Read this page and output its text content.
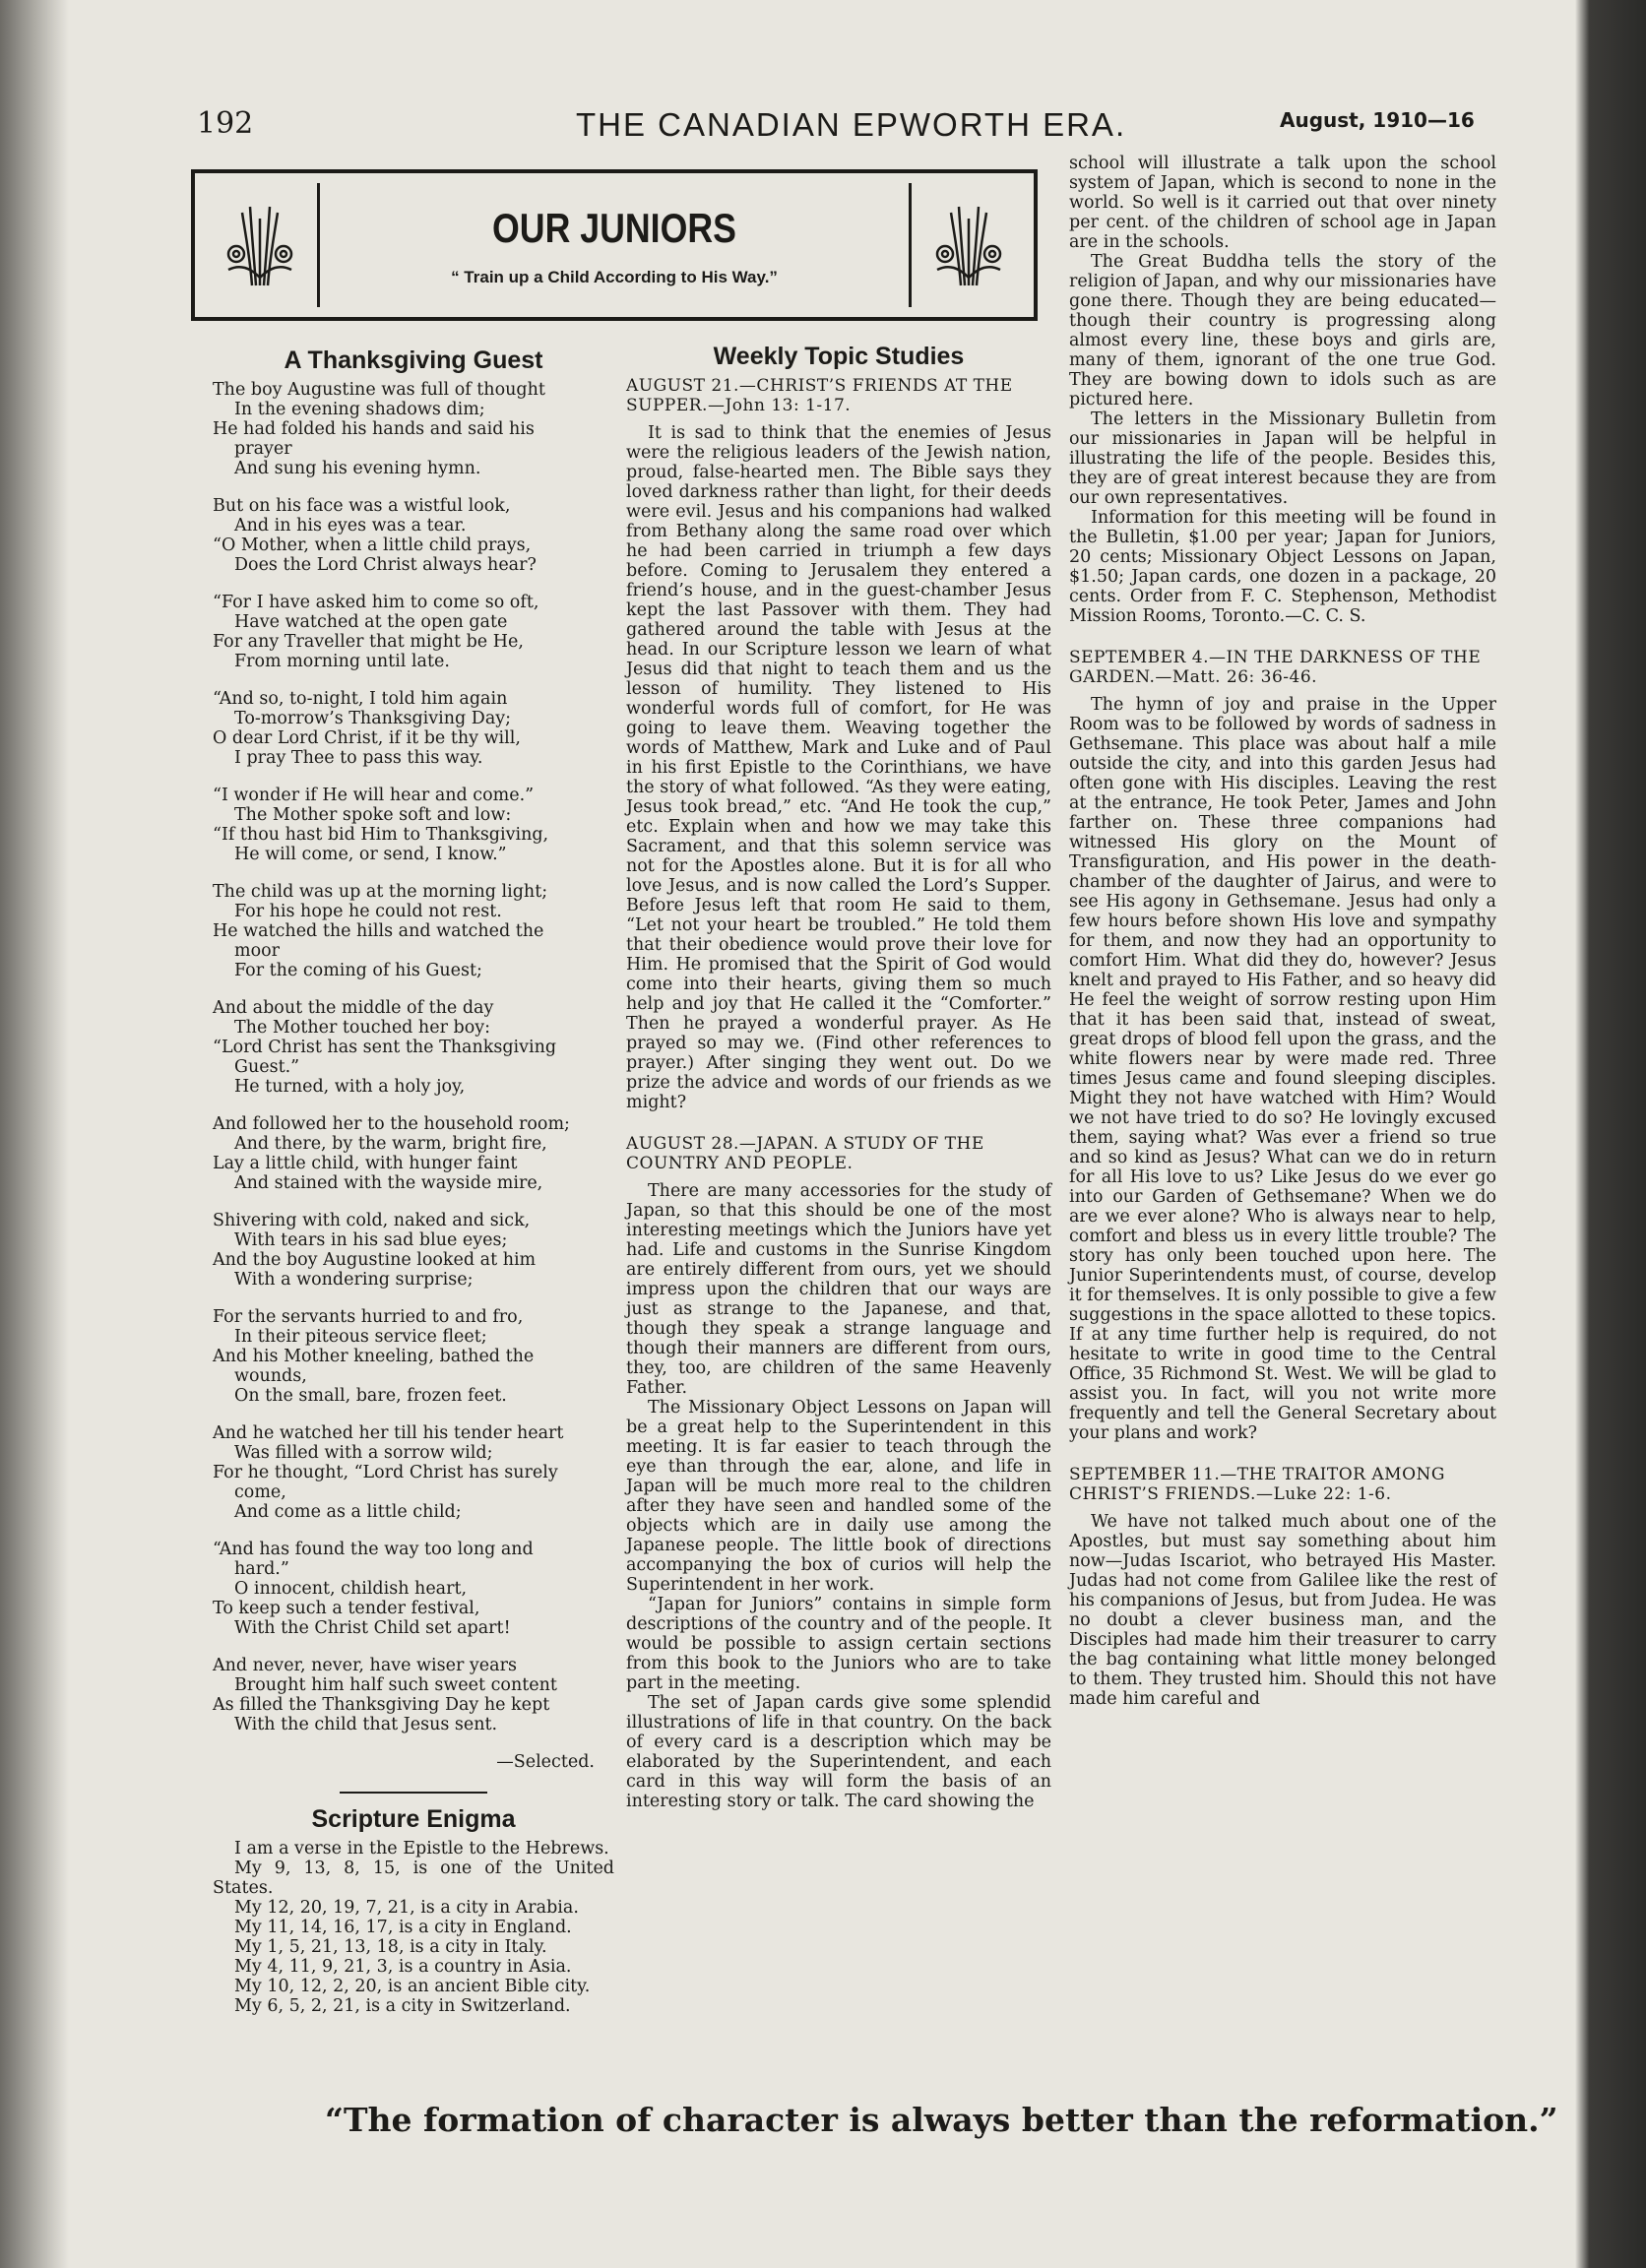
192	THE CANADIAN EPWORTH ERA.	August, 1910—16
OUR JUNIORS
“ Train up a Child According to His Way.”
A Thanksgiving Guest
The boy Augustine was full of thought
In the evening shadows dim;
He had folded his hands and said his
prayer
And sung his evening hymn.
But on his face was a wistful look,
And in his eyes was a tear.
“O Mother, when a little child prays,
Does the Lord Christ always hear?
“For I have asked him to come so oft,
Have watched at the open gate
For any Traveller that might be He,
From morning until late.
“And so, to-night, I told him again
To-morrow’s Thanksgiving Day;
O dear Lord Christ, if it be thy will,
I pray Thee to pass this way.
“I wonder if He will hear and come.”
The Mother spoke soft and low:
“If thou hast bid Him to Thanksgiving,
He will come, or send, I know.”
The child was up at the morning light;
For his hope he could not rest.
He watched the hills and watched the
moor
For the coming of his Guest;
And about the middle of the day
The Mother touched her boy:
“Lord Christ has sent the Thanksgiving
Guest.”
He turned, with a holy joy,
And followed her to the household room;
And there, by the warm, bright fire,
Lay a little child, with hunger faint
And stained with the wayside mire,
Shivering with cold, naked and sick,
With tears in his sad blue eyes;
And the boy Augustine looked at him
With a wondering surprise;
For the servants hurried to and fro,
In their piteous service fleet;
And his Mother kneeling, bathed the
wounds,
On the small, bare, frozen feet.
And he watched her till his tender heart
Was filled with a sorrow wild;
For he thought, “Lord Christ has surely
come,
And come as a little child;
“And has found the way too long and
hard.”
O innocent, childish heart,
To keep such a tender festival,
With the Christ Child set apart!
And never, never, have wiser years
Brought him half such sweet content
As filled the Thanksgiving Day he kept
With the child that Jesus sent.
—Selected.
Scripture Enigma

I am a verse in the Epistle to the Hebrews.

My 9, 13, 8, 15, is one of the United States.

My 12, 20, 19, 7, 21, is a city in Arabia.

My 11, 14, 16, 17, is a city in England.

My 1, 5, 21, 13, 18, is a city in Italy.

My 4, 11, 9, 21, 3, is a country in Asia.

My 10, 12, 2, 20, is an ancient Bible city.

My 6, 5, 2, 21, is a city in Switzerland.

Weekly Topic Studies
AUGUST 21.—CHRIST’S FRIENDS AT THE SUPPER.—John 13: 1-17.

It is sad to think that the enemies of Jesus were the religious leaders of the Jewish nation, proud, false-hearted men. The Bible says they loved darkness rather than light, for their deeds were evil. Jesus and his companions had walked from Bethany along the same road over which he had been carried in triumph a few days before. Coming to Jerusalem they entered a friend’s house, and in the guest-chamber Jesus kept the last Passover with them. They had gathered around the table with Jesus at the head. In our Scripture lesson we learn of what Jesus did that night to teach them and us the lesson of humility. They listened to His wonderful words full of comfort, for He was going to leave them. Weaving together the words of Matthew, Mark and Luke and of Paul in his first Epistle to the Corinthians, we have the story of what followed. “As they were eating, Jesus took bread,” etc. “And He took the cup,” etc. Explain when and how we may take this Sacrament, and that this solemn service was not for the Apostles alone. But it is for all who love Jesus, and is now called the Lord’s Supper. Before Jesus left that room He said to them, “Let not your heart be troubled.” He told them that their obedience would prove their love for Him. He promised that the Spirit of God would come into their hearts, giving them so much help and joy that He called it the “Comforter.” Then he prayed a wonderful prayer. As He prayed so may we. (Find other references to prayer.) After singing they went out. Do we prize the advice and words of our friends as we might?

AUGUST 28.—JAPAN. A STUDY OF THE COUNTRY AND PEOPLE.

There are many accessories for the study of Japan, so that this should be one of the most interesting meetings which the Juniors have yet had. Life and customs in the Sunrise Kingdom are entirely different from ours, yet we should impress upon the children that our ways are just as strange to the Japanese, and that, though they speak a strange language and though their manners are different from ours, they, too, are children of the same Heavenly Father.

The Missionary Object Lessons on Japan will be a great help to the Superintendent in this meeting. It is far easier to teach through the eye than through the ear, alone, and life in Japan will be much more real to the children after they have seen and handled some of the objects which are in daily use among the Japanese people. The little book of directions accompanying the box of curios will help the Superintendent in her work.

“Japan for Juniors” contains in simple form descriptions of the country and of the people. It would be possible to assign certain sections from this book to the Juniors who are to take part in the meeting.

The set of Japan cards give some splendid illustrations of life in that country. On the back of every card is a description which may be elaborated by the Superintendent, and each card in this way will form the basis of an interesting story or talk. The card showing the

school will illustrate a talk upon the school system of Japan, which is second to none in the world. So well is it carried out that over ninety per cent. of the children of school age in Japan are in the schools.

The Great Buddha tells the story of the religion of Japan, and why our missionaries have gone there. Though they are being educated—though their country is progressing along almost every line, these boys and girls are, many of them, ignorant of the one true God. They are bowing down to idols such as are pictured here.

The letters in the Missionary Bulletin from our missionaries in Japan will be helpful in illustrating the life of the people. Besides this, they are of great interest because they are from our own representatives.

Information for this meeting will be found in the Bulletin, $1.00 per year; Japan for Juniors, 20 cents; Missionary Object Lessons on Japan, $1.50; Japan cards, one dozen in a package, 20 cents. Order from F. C. Stephenson, Methodist Mission Rooms, Toronto.—C. C. S.

SEPTEMBER 4.—IN THE DARKNESS OF THE GARDEN.—Matt. 26: 36-46.

The hymn of joy and praise in the Upper Room was to be followed by words of sadness in Gethsemane. This place was about half a mile outside the city, and into this garden Jesus had often gone with His disciples. Leaving the rest at the entrance, He took Peter, James and John farther on. These three companions had witnessed His glory on the Mount of Transfiguration, and His power in the death-chamber of the daughter of Jairus, and were to see His agony in Gethsemane. Jesus had only a few hours before shown His love and sympathy for them, and now they had an opportunity to comfort Him. What did they do, however? Jesus knelt and prayed to His Father, and so heavy did He feel the weight of sorrow resting upon Him that it has been said that, instead of sweat, great drops of blood fell upon the grass, and the white flowers near by were made red. Three times Jesus came and found sleeping disciples. Might they not have watched with Him? Would we not have tried to do so? He lovingly excused them, saying what? Was ever a friend so true and so kind as Jesus? What can we do in return for all His love to us? Like Jesus do we ever go into our Garden of Gethsemane? When we do are we ever alone? Who is always near to help, comfort and bless us in every little trouble? The story has only been touched upon here. The Junior Superintendents must, of course, develop it for themselves. It is only possible to give a few suggestions in the space allotted to these topics. If at any time further help is required, do not hesitate to write in good time to the Central Office, 35 Richmond St. West. We will be glad to assist you. In fact, will you not write more frequently and tell the General Secretary about your plans and work?

SEPTEMBER 11.—THE TRAITOR AMONG CHRIST’S FRIENDS.—Luke 22: 1-6.

We have not talked much about one of the Apostles, but must say something about him now—Judas Iscariot, who betrayed His Master. Judas had not come from Galilee like the rest of his companions of Jesus, but from Judea. He was no doubt a clever business man, and the Disciples had made him their treasurer to carry the bag containing what little money belonged to them. They trusted him. Should this not have made him careful and

“The formation of character is always better than the reformation.”
